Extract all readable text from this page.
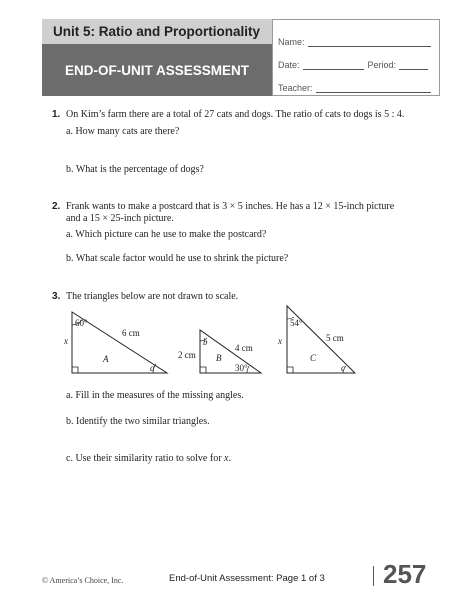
Unit 5: Ratio and Proportionality
END-OF-UNIT ASSESSMENT
Name:
Date:	Period:
Teacher:
1. On Kim’s farm there are a total of 27 cats and dogs. The ratio of cats to dogs is 5 : 4.
a. How many cats are there?
b. What is the percentage of dogs?
2. Frank wants to make a postcard that is 3 × 5 inches. He has a 12 × 15-inch picture
and a 15 × 25-inch picture.
a. Which picture can he use to make the postcard?
b. What scale factor would he use to shrink the picture?
3. The triangles below are not drawn to scale.
60°
x
6 cm
A
a
b
2 cm
4 cm
B
30°
54°
x	5 cm
C
c
a. Fill in the measures of the missing angles.
b. Identify the two similar triangles.
c. Use their similarity ratio to solve for x.
© America’s Choice, Inc.	End-of-Unit Assessment: Page 1 of 3 257
